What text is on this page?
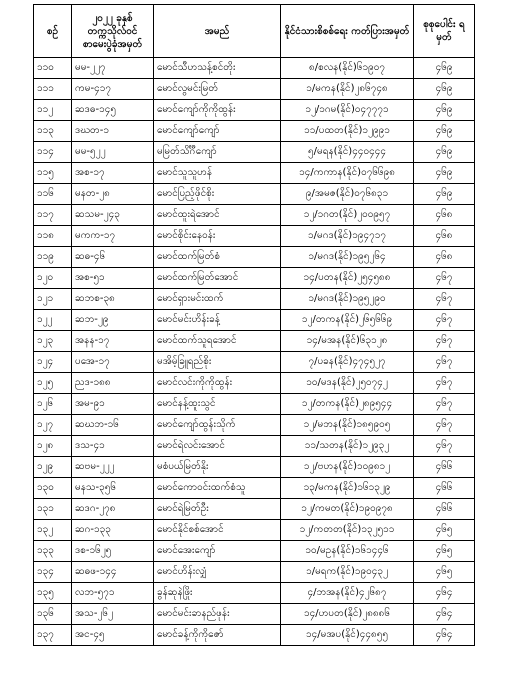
စဉ်	၂၀၂၂ ခုနှစ် တက္ကသိုလ်ဝင် စာမေးပွဲခုံအမှတ်	အမည်	နိုင်ငံသားစိစစ်ရေး ကတ်ပြားအမှတ်	စုစုပေါင်း ရမှတ်
၁၁၀	မမ-၂၂၇	မောင်သီဟသန့်စင်တိုး	၈/စလန(နိုင်)၆၁၉၀၇	၄၆၉
၁၁၁	ကမ-၄၁၇	မောင်လွမင်းမြတ်	၁/မကန(နိုင်)၂၈၆၇၄၈	၄၆၉
၁၁၂	ဆဒဓ-၁၄၅	မောင်ကျော်ကိုကိုထွန်း	၁၂/၁ဂမ(နိုင်)၀၄၇၇၇၁	၄၆၉
၁၁၃	ဒဃတ-၁	မောင်ကျော်ကျော်	၁၁/ပထတ(နိုင်)၁၂၉၉၁	၄၆၉
၁၁၄	မမ-၅၂၂	မမြတ်သိင်္ဂီကျော်	၅/မရန(နိုင်)၄၄၀၄၄၄	၄၆၉
၁၁၅	အစ-၁၇	မောင်သူသူဟန်	၁၄/ကကာန(နိုင်)၀၇၆၆၉၈	၄၆၉
၁၁၆	မနတ-၂၈	မောင်ပြည့်ဖိုင်စိုး	၉/အမဇ(နိုင်)၀၇၆၈၃၁	၄၆၉
၁၁၇	ဆသမ-၂၄၃	မောင်ထူးရဲအောင်	၁၂/၁ဂတ(နိုင်)၂၀၀၉၅၇	၄၆၈
၁၁၈	မကက-၁၇	မောင်စိုင်းနေဝန်း	၁/မဂဒ(နိုင်)၁၉၄၇၁၇	၄၆၈
၁၁၉	ဆဓ-၄၆	မောင်ထက်မြတ်စံ	၁/မဂဒ(နိုင်)၁၉၅၂၆၄	၄၆၈
၁၂၀	အစ-၅၁	မောင်ထက်မြတ်အောင်	၁၄/ပတန(နိုင်)၂၅၄၅၈၈	၄၆၇
၁၂၁	ဆဘစ-၃၈	မောင်ရှားမင်းထက်	၁/မဂဒ(နိုင်)၁၉၅၂၉၀	၄၆၇
၁၂၂	ဆဘ-၂၉	မောင်မင်းဟိန်းခန့်	၁၂/တကန(နိုင်)၂၆၅၆၆၉	၄၆၇
၁၂၃	အနန-၁၇	မောင်ထက်သူရအောင်	၁၄/မအန(နိုင်)၆၃၁၂၈	၄၆၇
၁၂၄	ပအေ-၁၇	မအိမ့်ခြူရည်စိုး	၇/ပခန(နိုင်)၄၇၄၅၂၇	၄၆၇
၁၂၅	ညဒ-၁၈၈	မောင်လင်းကိုကိုထွန်း	၁၀/မဒန(နိုင်)၂၅၀၇၄၂	၄၆၇
၁၂၆	အမ-၉၁	မောင်နန့်ထူးသွင်	၁၂/တကန(နိုင်)၂၈၉၅၄၄	၄၆၇
၁၂၇	ဆဃဘ-၁၆	မောင်ကျော်ထွန်းသိုက်	၁၂/မဘန(နိုင်)၁၈၅၉၀၅	၄၆၇
၁၂၈	ဒသ-၄၁	မောင်ရဲလင်းအောင်	၁၁/သတန(နိုင်)၁၂၉၃၂	၄၆၇
၁၂၉	ဆဗမ-၂၂၂	မစံပယ်မြတ်နိုး	၁၂/ဗဟန(နိုင်)၁၀၉၈၁၂	၄၆၆
၁၃၀	မနသ-၃၅၆	မောင်ကောဝင်းထက်စံသူ	၁၃/မကန(နိုင်)၁၆၁၃၂၉	၄၆၆
၁၃၁	ဆဒဂ-၂၇၈	မောင်ရဲမြတ်ဦး	၁၂/ကမတ(နိုင်)၁၉၀၉၇၈	၄၆၆
၁၃၂	ဆဂ-၁၃၃	မောင်နိုင်စစ်အောင်	၁၂/ကတတ(နိုင်)၁၃၂၅၁၁	၄၆၅
၁၃၃	ဒစ-၁၆၂၅	မောင်အေးကျော်	၁၀/မဥန(နိုင်)၁၆၁၄၄၆	၄၆၅
၁၃၄	ဆဓဖ-၁၄၄	မောင်ဟိန်းလျှံ	၁/မရက(နိုင်)၁၉၀၄၃၂	၄၆၅
၁၃၅	လဘ-၅၇၁	ခွန်ဆုနဲဖြိုး	၄/ဘအန(နိုင်)၄၂၆၈၇	၄၆၄
၁၃၆	အသ-၂၆၂	မောင်မင်းခာနည်ဖုန်း	၁၄/ဟပတ(နိုင်)၂၈၈၈၆	၄၆၄
၁၃၇	အင-၄၅	မောင်ခန့်ကိုကိုဇော်	၁၄/မအပ(နိုင်)၄၄၈၅၅	၄၆၄
